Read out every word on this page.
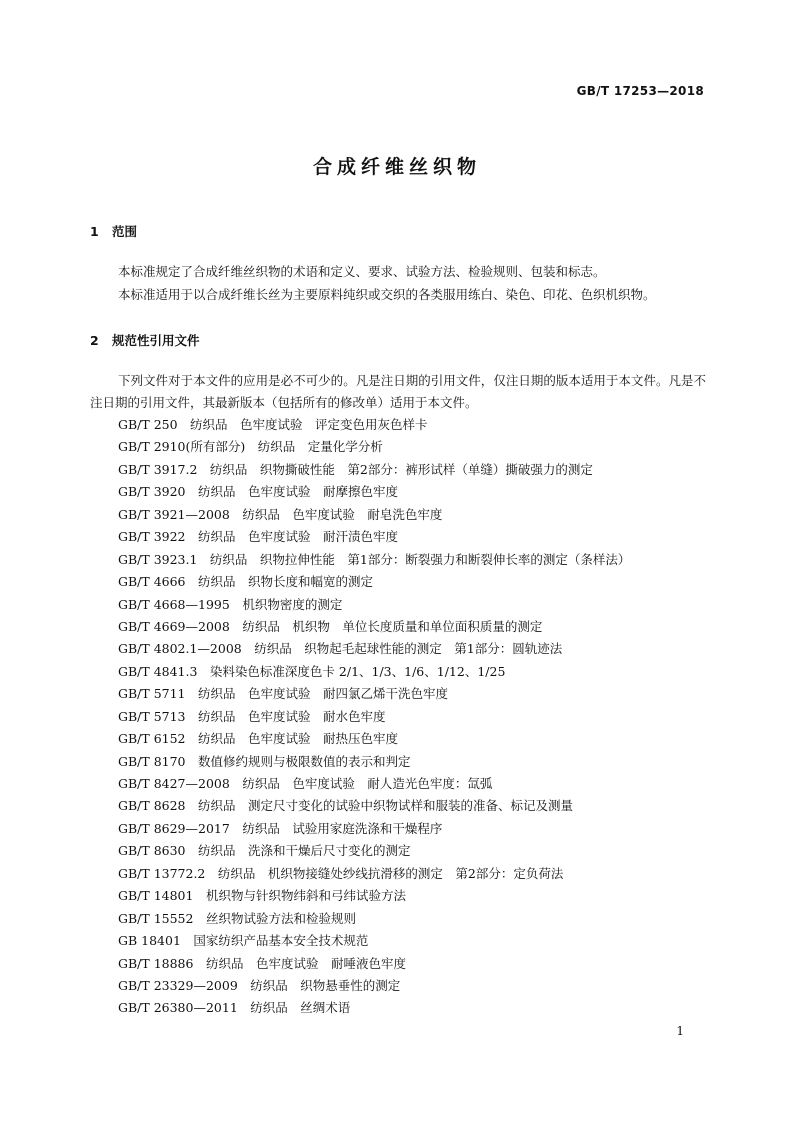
GB/T 17253—2018
合成纤维丝织物
1 范围
本标准规定了合成纤维丝织物的术语和定义、要求、试验方法、检验规则、包装和标志。
本标准适用于以合成纤维长丝为主要原料纯织或交织的各类服用练白、染色、印花、色织机织物。
2 规范性引用文件
下列文件对于本文件的应用是必不可少的。凡是注日期的引用文件，仅注日期的版本适用于本文件。凡是不注日期的引用文件，其最新版本（包括所有的修改单）适用于本文件。
GB/T 250　纺织品　色牢度试验　评定变色用灰色样卡
GB/T 2910(所有部分)　纺织品　定量化学分析
GB/T 3917.2　纺织品　织物撕破性能　第2部分：裤形试样（单缝）撕破强力的测定
GB/T 3920　纺织品　色牢度试验　耐摩擦色牢度
GB/T 3921—2008　纺织品　色牢度试验　耐皂洗色牢度
GB/T 3922　纺织品　色牢度试验　耐汗渍色牢度
GB/T 3923.1　纺织品　织物拉伸性能　第1部分：断裂强力和断裂伸长率的测定（条样法）
GB/T 4666　纺织品　织物长度和幅宽的测定
GB/T 4668—1995　机织物密度的测定
GB/T 4669—2008　纺织品　机织物　单位长度质量和单位面积质量的测定
GB/T 4802.1—2008　纺织品　织物起毛起球性能的测定　第1部分：圆轨迹法
GB/T 4841.3　染料染色标准深度色卡 2/1、1/3、1/6、1/12、1/25
GB/T 5711　纺织品　色牢度试验　耐四氯乙烯干洗色牢度
GB/T 5713　纺织品　色牢度试验　耐水色牢度
GB/T 6152　纺织品　色牢度试验　耐热压色牢度
GB/T 8170　数值修约规则与极限数值的表示和判定
GB/T 8427—2008　纺织品　色牢度试验　耐人造光色牢度：氙弧
GB/T 8628　纺织品　测定尺寸变化的试验中织物试样和服装的准备、标记及测量
GB/T 8629—2017　纺织品　试验用家庭洗涤和干燥程序
GB/T 8630　纺织品　洗涤和干燥后尺寸变化的测定
GB/T 13772.2　纺织品　机织物接缝处纱线抗滑移的测定　第2部分：定负荷法
GB/T 14801　机织物与针织物纬斜和弓纬试验方法
GB/T 15552　丝织物试验方法和检验规则
GB 18401　国家纺织产品基本安全技术规范
GB/T 18886　纺织品　色牢度试验　耐唾液色牢度
GB/T 23329—2009　纺织品　织物悬垂性的测定
GB/T 26380—2011　纺织品　丝绸术语
1
